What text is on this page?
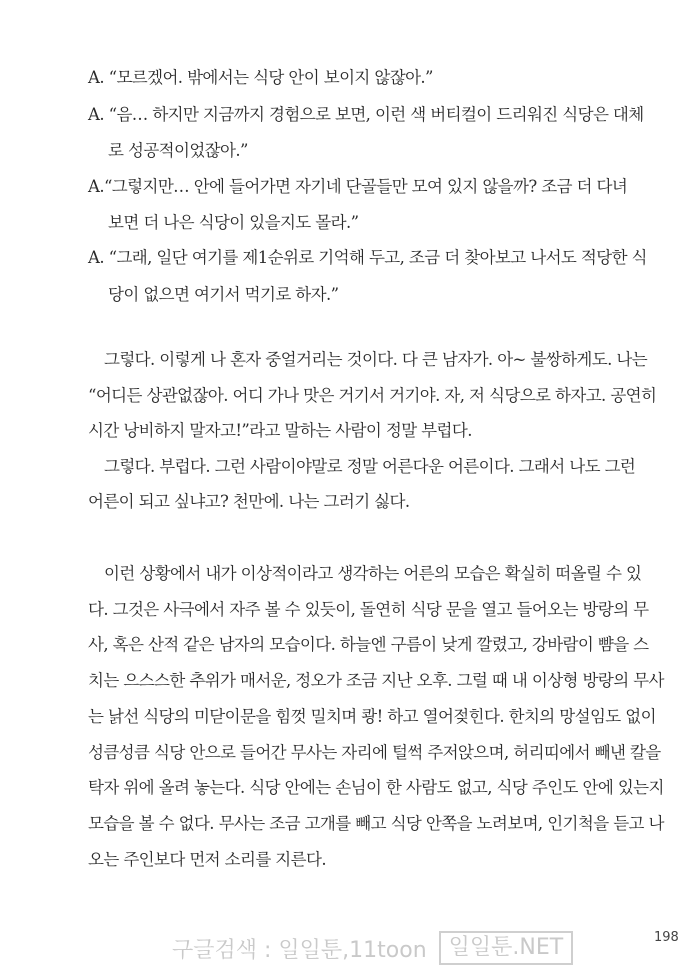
A. “모르겠어. 밖에서는 식당 안이 보이지 않잖아.”
A. “음… 하지만 지금까지 경험으로 보면, 이런 색 버티컬이 드리워진 식당은 대체
로 성공적이었잖아.”
A.“그렇지만… 안에 들어가면 자기네 단골들만 모여 있지 않을까? 조금 더 다녀
보면 더 나은 식당이 있을지도 몰라.”
A. “그래, 일단 여기를 제1순위로 기억해 두고, 조금 더 찾아보고 나서도 적당한 식
당이 없으면 여기서 먹기로 하자.”
그렇다. 이렇게 나 혼자 중얼거리는 것이다. 다 큰 남자가. 아~ 불쌍하게도. 나는
“어디든 상관없잖아. 어디 가나 맛은 거기서 거기야. 자, 저 식당으로 하자고. 공연히
시간 낭비하지 말자고!”라고 말하는 사람이 정말 부럽다.
그렇다. 부럽다. 그런 사람이야말로 정말 어른다운 어른이다. 그래서 나도 그런
어른이 되고 싶냐고? 천만에. 나는 그러기 싫다.
이런 상황에서 내가 이상적이라고 생각하는 어른의 모습은 확실히 떠올릴 수 있
다. 그것은 사극에서 자주 볼 수 있듯이, 돌연히 식당 문을 열고 들어오는 방랑의 무
사, 혹은 산적 같은 남자의 모습이다. 하늘엔 구름이 낮게 깔렸고, 강바람이 뺨을 스
치는 으스스한 추위가 매서운, 정오가 조금 지난 오후. 그럴 때 내 이상형 방랑의 무사
는 낡선 식당의 미닫이문을 힘껏 밀치며 쾅! 하고 열어젖힌다. 한치의 망설임도 없이
성큼성큼 식당 안으로 들어간 무사는 자리에 털썩 주저앉으며, 허리띠에서 빼낸 칼을
탁자 위에 올려 놓는다. 식당 안에는 손님이 한 사람도 없고, 식당 주인도 안에 있는지
모습을 볼 수 없다. 무사는 조금 고개를 빼고 식당 안쪽을 노려보며, 인기척을 듣고 나
오는 주인보다 먼저 소리를 지른다.
구글검색 : 일일툰,11toon	일일툰.NET	198
